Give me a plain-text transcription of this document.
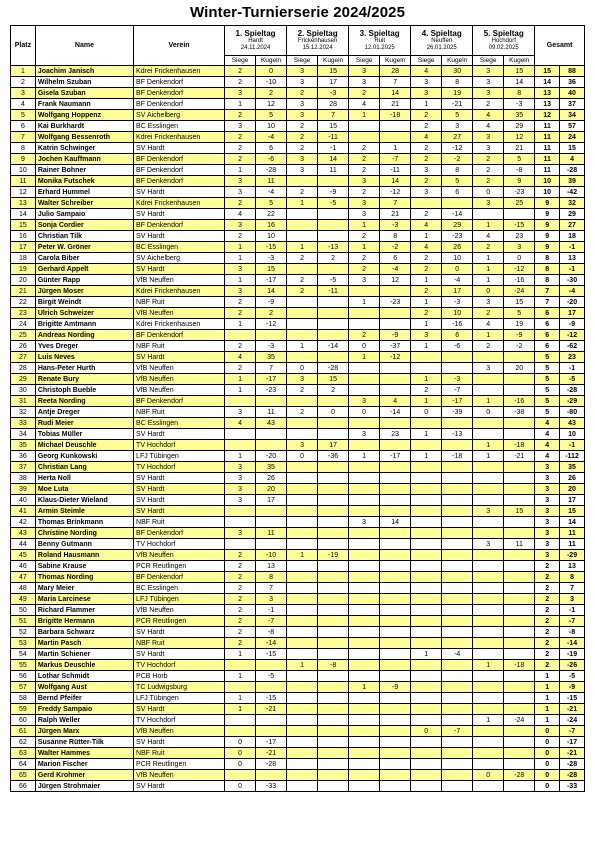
Winter-Turnierserie 2024/2025
Platz	Name	Verein	1. Spieltag
Hardt
24.11.2024		2. Spieltag
Frickenhausen
15.12.2024		3. Spieltag
Ruit
12.01.2025		4. Spieltag
Neuffen
26.01.2025		5. Spieltag
Hochdorf
09.02.2025		Gesamt	
			Siege	Kugeln	Siege	Kugeln	Siege	Kugeln	Siege	Kugeln	Siege	Kugeln		
1	Joachim Janisch	Kdrei Frickenhausen	2	0	3	15	3	28	4	30	3	15	15	88
2	Wilhelm Szuban	BF Denkendorf	2	-10	3	17	3	7	3	8	3	14	14	36
3	Gisela Szuban	BF Denkendorf	3	2	2	-3	2	14	3	19	3	8	13	40
4	Frank Naumann	BF Denkendorf	1	12	3	28	4	21	1	-21	2	-3	13	37
5	Wolfgang Hoppenz	SV Aichelberg	2	5	3	7	1	-18	2	5	4	35	12	34
6	Kai Burkhardt	BC Esslingen	3	10	2	15			2	3	4	29	11	57
7	Wolfgang Bessenroth	Kdrei Frickenhausen	2	-4	2	-11			4	27	3	12	11	24
8	Katrin Schwinger	SV Hardt	2	6	2	-1	2	1	2	-12	3	21	11	15
9	Jochen Kauffmann	BF Denkendorf	2	-6	3	14	2	-7	2	-2	2	5	11	4
10	Rainer Bohner	BF Denkendorf	1	-28	3	11	2	-11	3	8	2	-8	11	-28
11	Monika Futschek	BF Denkendorf	3	11			3	14	2	5	2	9	10	39
12	Erhard Hummel	SV Hardt	3	-4	2	-9	2	-12	3	6	0	-23	10	-42
13	Walter Schreiber	Kdrei Frickenhausen	2	5	1	-5	3	7			3	25	9	32
14	Julio Sampaio	SV Hardt	4	22			3	21	2	-14			9	29
15	Sonja Cordier	BF Denkendorf	3	16			1	-3	4	29	1	-15	9	27
16	Christian Tilk	SV Hardt	2	10			2	8	1	-23	4	23	9	18
17	Peter W. Gröner	BC Esslingen	1	-15	1	-13	1	-2	4	26	2	3	9	-1
18	Carola Biber	SV Aichelberg	1	-3	2	2	2	6	2	10	1	0	8	13
19	Gerhard Appelt	SV Hardt	3	15			2	-4	2	0	1	-12	8	-1
20	Günter Rapp	VfB Neuffen	1	-17	2	-5	3	12	1	-4	1	-16	8	-30
21	Jürgen Moser	Kdrei Frickenhausen	3	14	2	-11			2	17	0	-24	7	-4
22	Birgit Weindt	NBF Ruit	2	-9			1	-23	1	-3	3	15	7	-20
23	Ulrich Schweizer	VfB Neuffen	2	2					2	10	2	5	6	17
24	Brigitte Amtmann	Kdrei Frickenhausen	1	-12					1	-16	4	19	6	-9
25	Andreas Nording	BF Denkendorf					2	-9	3	6	1	-9	6	-12
26	Yves Dreger	NBF Ruit	2	-3	1	-14	0	-37	1	-6	2	-2	6	-62
27	Luis Neves	SV Hardt	4	35			1	-12					5	23
28	Hans-Peter Hurth	VfB Neuffen	2	7	0	-28					3	20	5	-1
29	Renate Bury	VfB Neuffen	1	-17	3	15			1	-3			5	-5
30	Christoph Bueble	VfB Neuffen	1	-23	2	2			2	-7			5	-28
31	Reeta Nording	BF Denkendorf					3	4	1	-17	1	-16	5	-29
32	Antje Dreger	NBF Ruit	3	11	2	0	0	-14	0	-39	0	-38	5	-80
33	Rudi Meier	BC Esslingen	4	43									4	43
34	Tobias Müller	SV Hardt					3	23	1	-13			4	10
35	Michael Deuschle	TV Hochdorf			3	17					1	-18	4	-1
36	Georg Kunkowski	LFJ Tübingen	1	-20	0	-36	1	-17	1	-18	1	-21	4	-112
37	Christian Lang	TV Hochdorf	3	35									3	35
38	Herta Noll	SV Hardt	3	26									3	26
39	Moe Luta	SV Hardt	3	20									3	20
40	Klaus-Dieter Wieland	SV Hardt	3	17									3	17
41	Armin Steimle	SV Hardt									3	15	3	15
42	Thomas Brinkmann	NBF Ruit					3	14					3	14
43	Christine Nording	BF Denkendorf	3	11									3	11
44	Benny Gutmann	TV Hochdorf									3	11	3	11
45	Roland Hausmann	VfB Neuffen	2	-10	1	-19							3	-29
46	Sabine Krause	PCR Reutlingen	2	13									2	13
47	Thomas Nording	BF Denkendorf	2	8									2	8
48	Mary Meier	BC Esslingen	2	7									2	7
49	Maria Larcinese	LFJ Tübingen	2	3									2	3
50	Richard Flammer	VfB Neuffen	2	-1									2	-1
51	Brigitte Hermann	PCR Reutlingen	2	-7									2	-7
52	Barbara Schwarz	SV Hardt	2	-8									2	-8
53	Martin Pasch	NBF Ruit	2	-14									2	-14
54	Martin Schiener	SV Hardt	1	-15					1	-4			2	-19
55	Markus Deuschle	TV Hochdorf			1	-8					1	-18	2	-26
56	Lothar Schmidt	PCB Horb	1	-5									1	-5
57	Wolfgang Aust	TC Ludwigsburg					1	-9					1	-9
58	Bernd Pfeifer	LFJ Tübingen	1	-15									1	-15
59	Freddy Sampaio	SV Hardt	1	-21									1	-21
60	Ralph Weller	TV Hochdorf									1	-24	1	-24
61	Jürgen Marx	VfB Neuffen							0	-7			0	-7
62	Susanne Rütter-Tilk	SV Hardt	0	-17									0	-17
63	Walter Hammes	NBF Ruit	0	-21									0	-21
64	Marion Fischer	PCR Reutlingen	0	-28									0	-28
65	Gerd Krohmer	VfB Neuffen									0	-28	0	-28
66	Jürgen Strohmaier	SV Hardt	0	-33									0	-33
